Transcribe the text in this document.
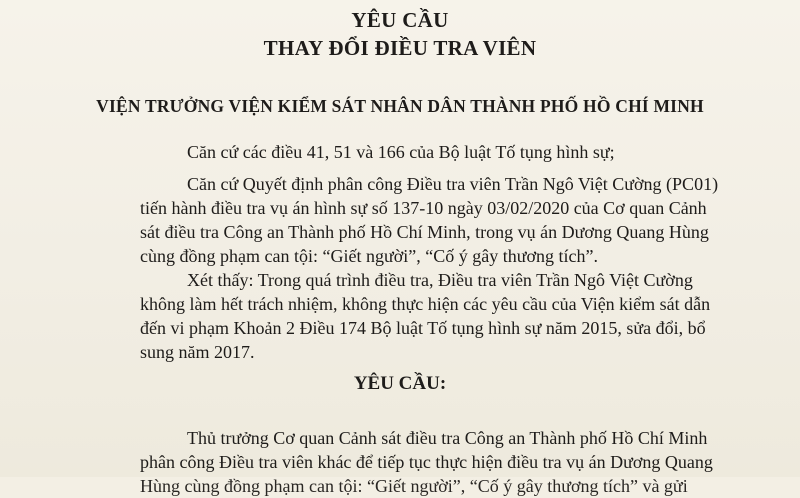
YÊU CẦU
THAY ĐỔI ĐIỀU TRA VIÊN
VIỆN TRƯỞNG VIỆN KIỂM SÁT NHÂN DÂN THÀNH PHỐ HỒ CHÍ MINH
Căn cứ các điều 41, 51 và 166 của Bộ luật Tố tụng hình sự;
Căn cứ Quyết định phân công Điều tra viên Trần Ngô Việt Cường (PC01)
tiến hành điều tra vụ án hình sự số 137-10 ngày 03/02/2020 của Cơ quan Cảnh
sát điều tra Công an Thành phố Hồ Chí Minh, trong vụ án Dương Quang Hùng
cùng đồng phạm can tội: “Giết người”, “Cố ý gây thương tích”.
Xét thấy: Trong quá trình điều tra, Điều tra viên Trần Ngô Việt Cường
không làm hết trách nhiệm, không thực hiện các yêu cầu của Viện kiểm sát dẫn
đến vi phạm Khoản 2 Điều 174 Bộ luật Tố tụng hình sự năm 2015, sửa đổi, bổ
sung năm 2017.
YÊU CẦU:
Thủ trưởng Cơ quan Cảnh sát điều tra Công an Thành phố Hồ Chí Minh
phân công Điều tra viên khác để tiếp tục thực hiện điều tra vụ án Dương Quang
Hùng cùng đồng phạm can tội: “Giết người”, “Cố ý gây thương tích” và gửi
